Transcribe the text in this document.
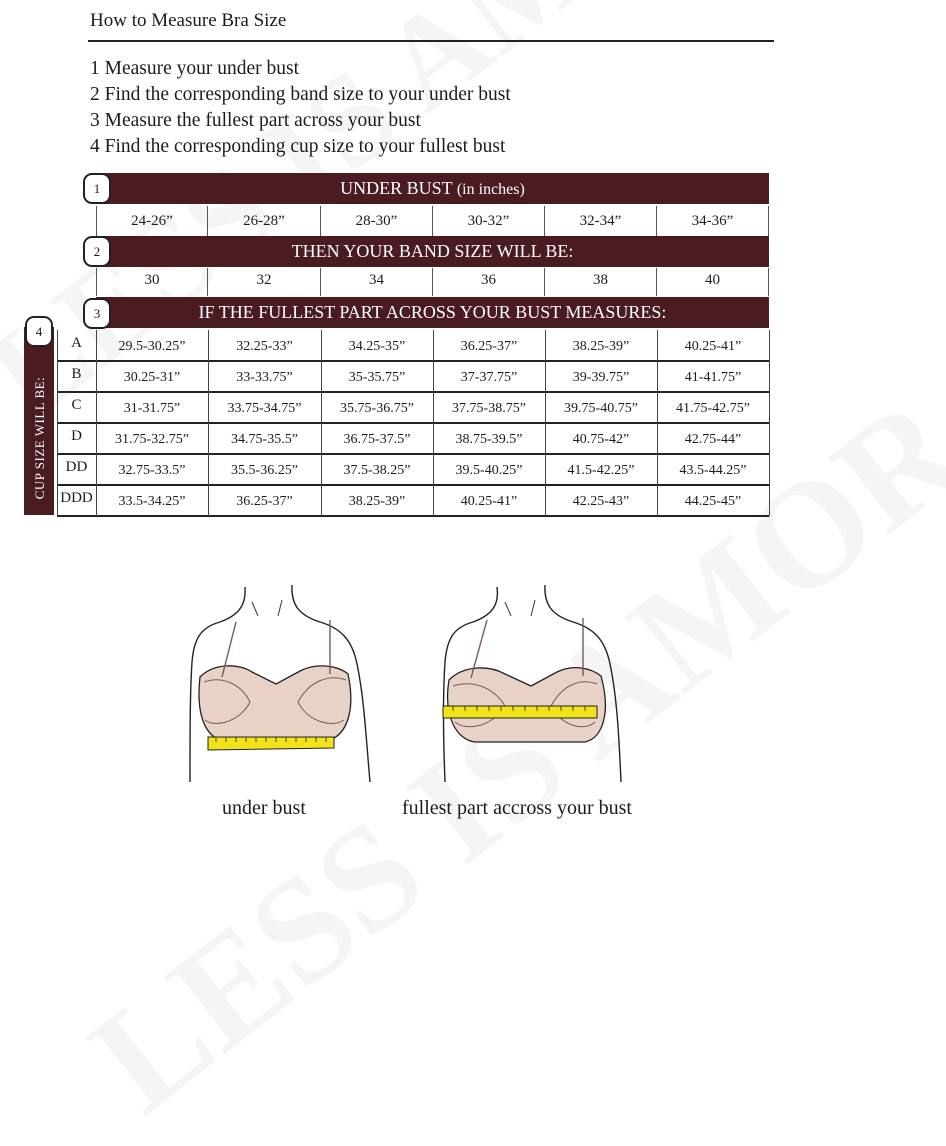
How to Measure Bra Size
1 Measure your under bust
2 Find the corresponding band size to your under bust
3 Measure the fullest part across your bust
4 Find the corresponding cup size to your fullest bust
UNDER BUST (in inches)
1
24-26”	26-28”	28-30”	30-32”	32-34”	34-36”
THEN YOUR BAND SIZE WILL BE:
2
30	32	34	36	38	40
IF THE FULLEST PART ACROSS YOUR BUST MEASURES:
3
CUP SIZE WILL BE:
4
A	29.5-30.25”	32.25-33”	34.25-35”	36.25-37”	38.25-39”	40.25-41”
B	30.25-31”	33-33.75”	35-35.75”	37-37.75”	39-39.75”	41-41.75”
C	31-31.75”	33.75-34.75”	35.75-36.75”	37.75-38.75”	39.75-40.75”	41.75-42.75”
D	31.75-32.75”	34.75-35.5”	36.75-37.5”	38.75-39.5”	40.75-42”	42.75-44”
DD	32.75-33.5”	35.5-36.25”	37.5-38.25”	39.5-40.25”	41.5-42.25”	43.5-44.25”
DDD	33.5-34.25”	36.25-37”	38.25-39”	40.25-41”	42.25-43”	44.25-45”
under bust	fullest part accross your bust
